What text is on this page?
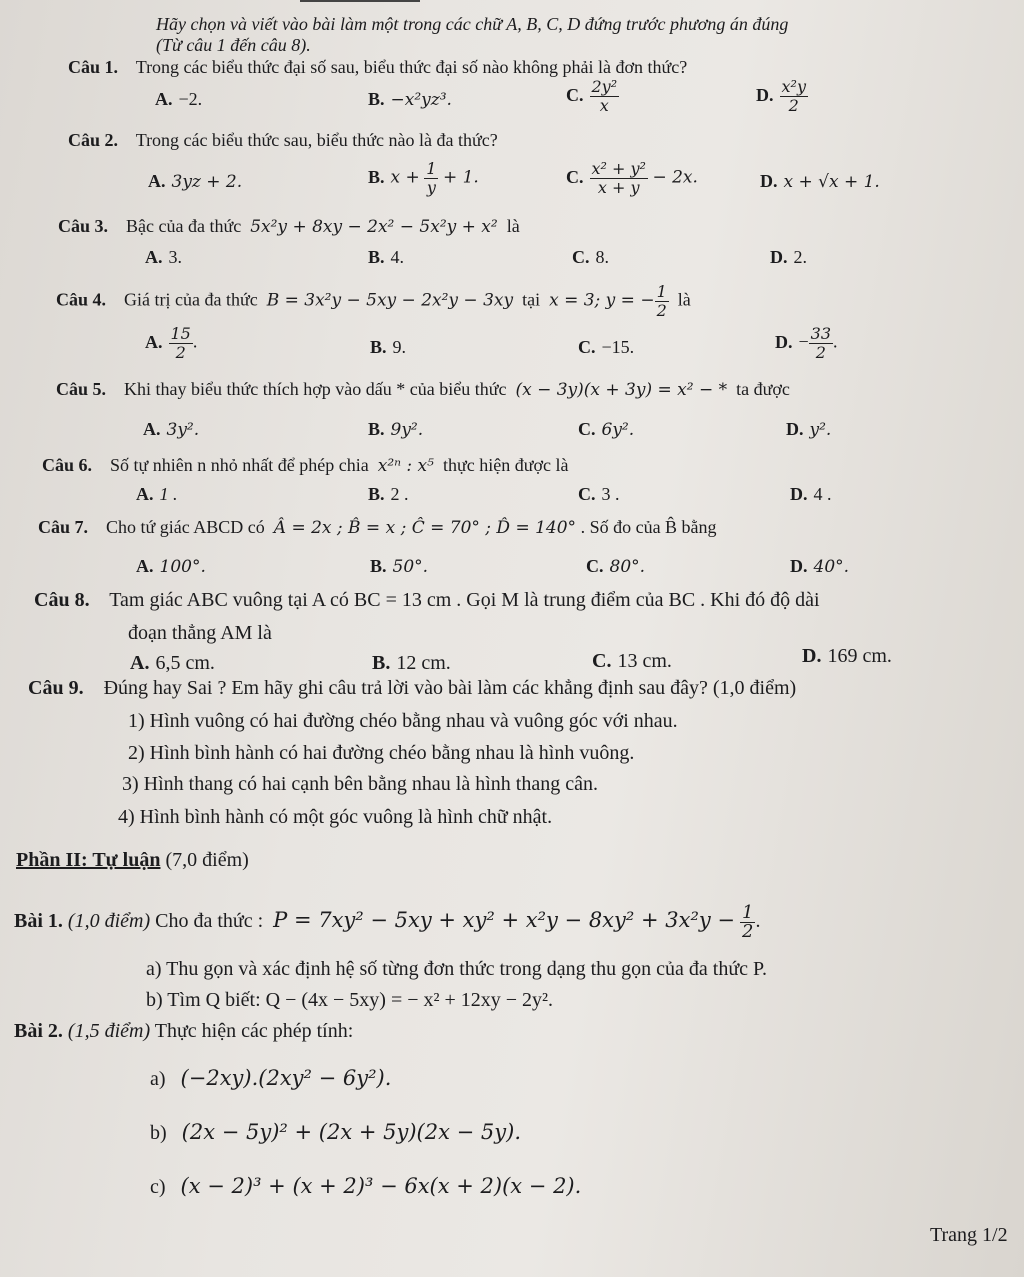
Hãy chọn và viết vào bài làm một trong các chữ A, B, C, D đứng trước phương án đúng
(Từ câu 1 đến câu 8).
Câu 1. Trong các biểu thức đại số sau, biểu thức đại số nào không phải là đơn thức?
A. −2.	B. −x²yz³.	C. $\frac{\text{2y²}}{x}$	D. $\frac{\text{x²y}}{2}$
Câu 2. Trong các biểu thức sau, biểu thức nào là đa thức?
A. 3yz + 2.	B. $x + \frac{1}{y} + 1$.	C. $\frac{\text{x² + y²}}{x + y} - 2x$.	D. x + √x + 1.
Câu 3. Bậc của đa thức 5x²y + 8xy − 2x² − 5x²y + x² là
A. 3.	B. 4.	C. 8.	D. 2.
Câu 4. Giá trị của đa thức B = 3x²y − 5xy − 2x²y − 3xy tại x = 3; y = − $\frac{1}{2}$ là
A. $\frac{15}{2}$ .	B. 9.	C. −15.	D. − $\frac{33}{2}$ .
Câu 5. Khi thay biểu thức thích hợp vào dấu * của biểu thức (x − 3y)(x + 3y) = x² − * ta được
A. 3y².	B. 9y².	C. 6y².	D. y².
Câu 6. Số tự nhiên n nhỏ nhất để phép chia x²ⁿ : x⁵ thực hiện được là
A. 1 .	B. 2 .	C. 3 .	D. 4 .
Câu 7. Cho tứ giác ABCD có Â = 2x ; B̂ = x ; Ĉ = 70° ; D̂ = 140° . Số đo của B̂ bằng
A. 100°.	B. 50°.	C. 80°.	D. 40°.
Câu 8. Tam giác ABC vuông tại A có BC = 13 cm . Gọi M là trung điểm của BC . Khi đó độ dài
đoạn thẳng AM là
A. 6,5 cm.	B. 12 cm.	C. 13 cm.	D. 169 cm.
Câu 9. Đúng hay Sai ? Em hãy ghi câu trả lời vào bài làm các khẳng định sau đây? (1,0 điểm)
1) Hình vuông có hai đường chéo bằng nhau và vuông góc với nhau.
2) Hình bình hành có hai đường chéo bằng nhau là hình vuông.
3) Hình thang có hai cạnh bên bằng nhau là hình thang cân.
4) Hình bình hành có một góc vuông là hình chữ nhật.
Phần II: Tự luận (7,0 điểm)
Bài 1. (1,0 điểm) Cho đa thức : $P = 7xy^2 - 5xy + xy^2 + x^2y - 8xy^2 + 3x^2y - \frac{1}{2}$ .
a) Thu gọn và xác định hệ số từng đơn thức trong dạng thu gọn của đa thức P.
b) Tìm Q biết: Q − (4x − 5xy) = − x² + 12xy − 2y².
Bài 2. (1,5 điểm) Thực hiện các phép tính:
a) (−2xy).(2xy² − 6y²).
b) (2x − 5y)² + (2x + 5y)(2x − 5y).
c) (x − 2)³ + (x + 2)³ − 6x(x + 2)(x − 2).
Trang 1/2
